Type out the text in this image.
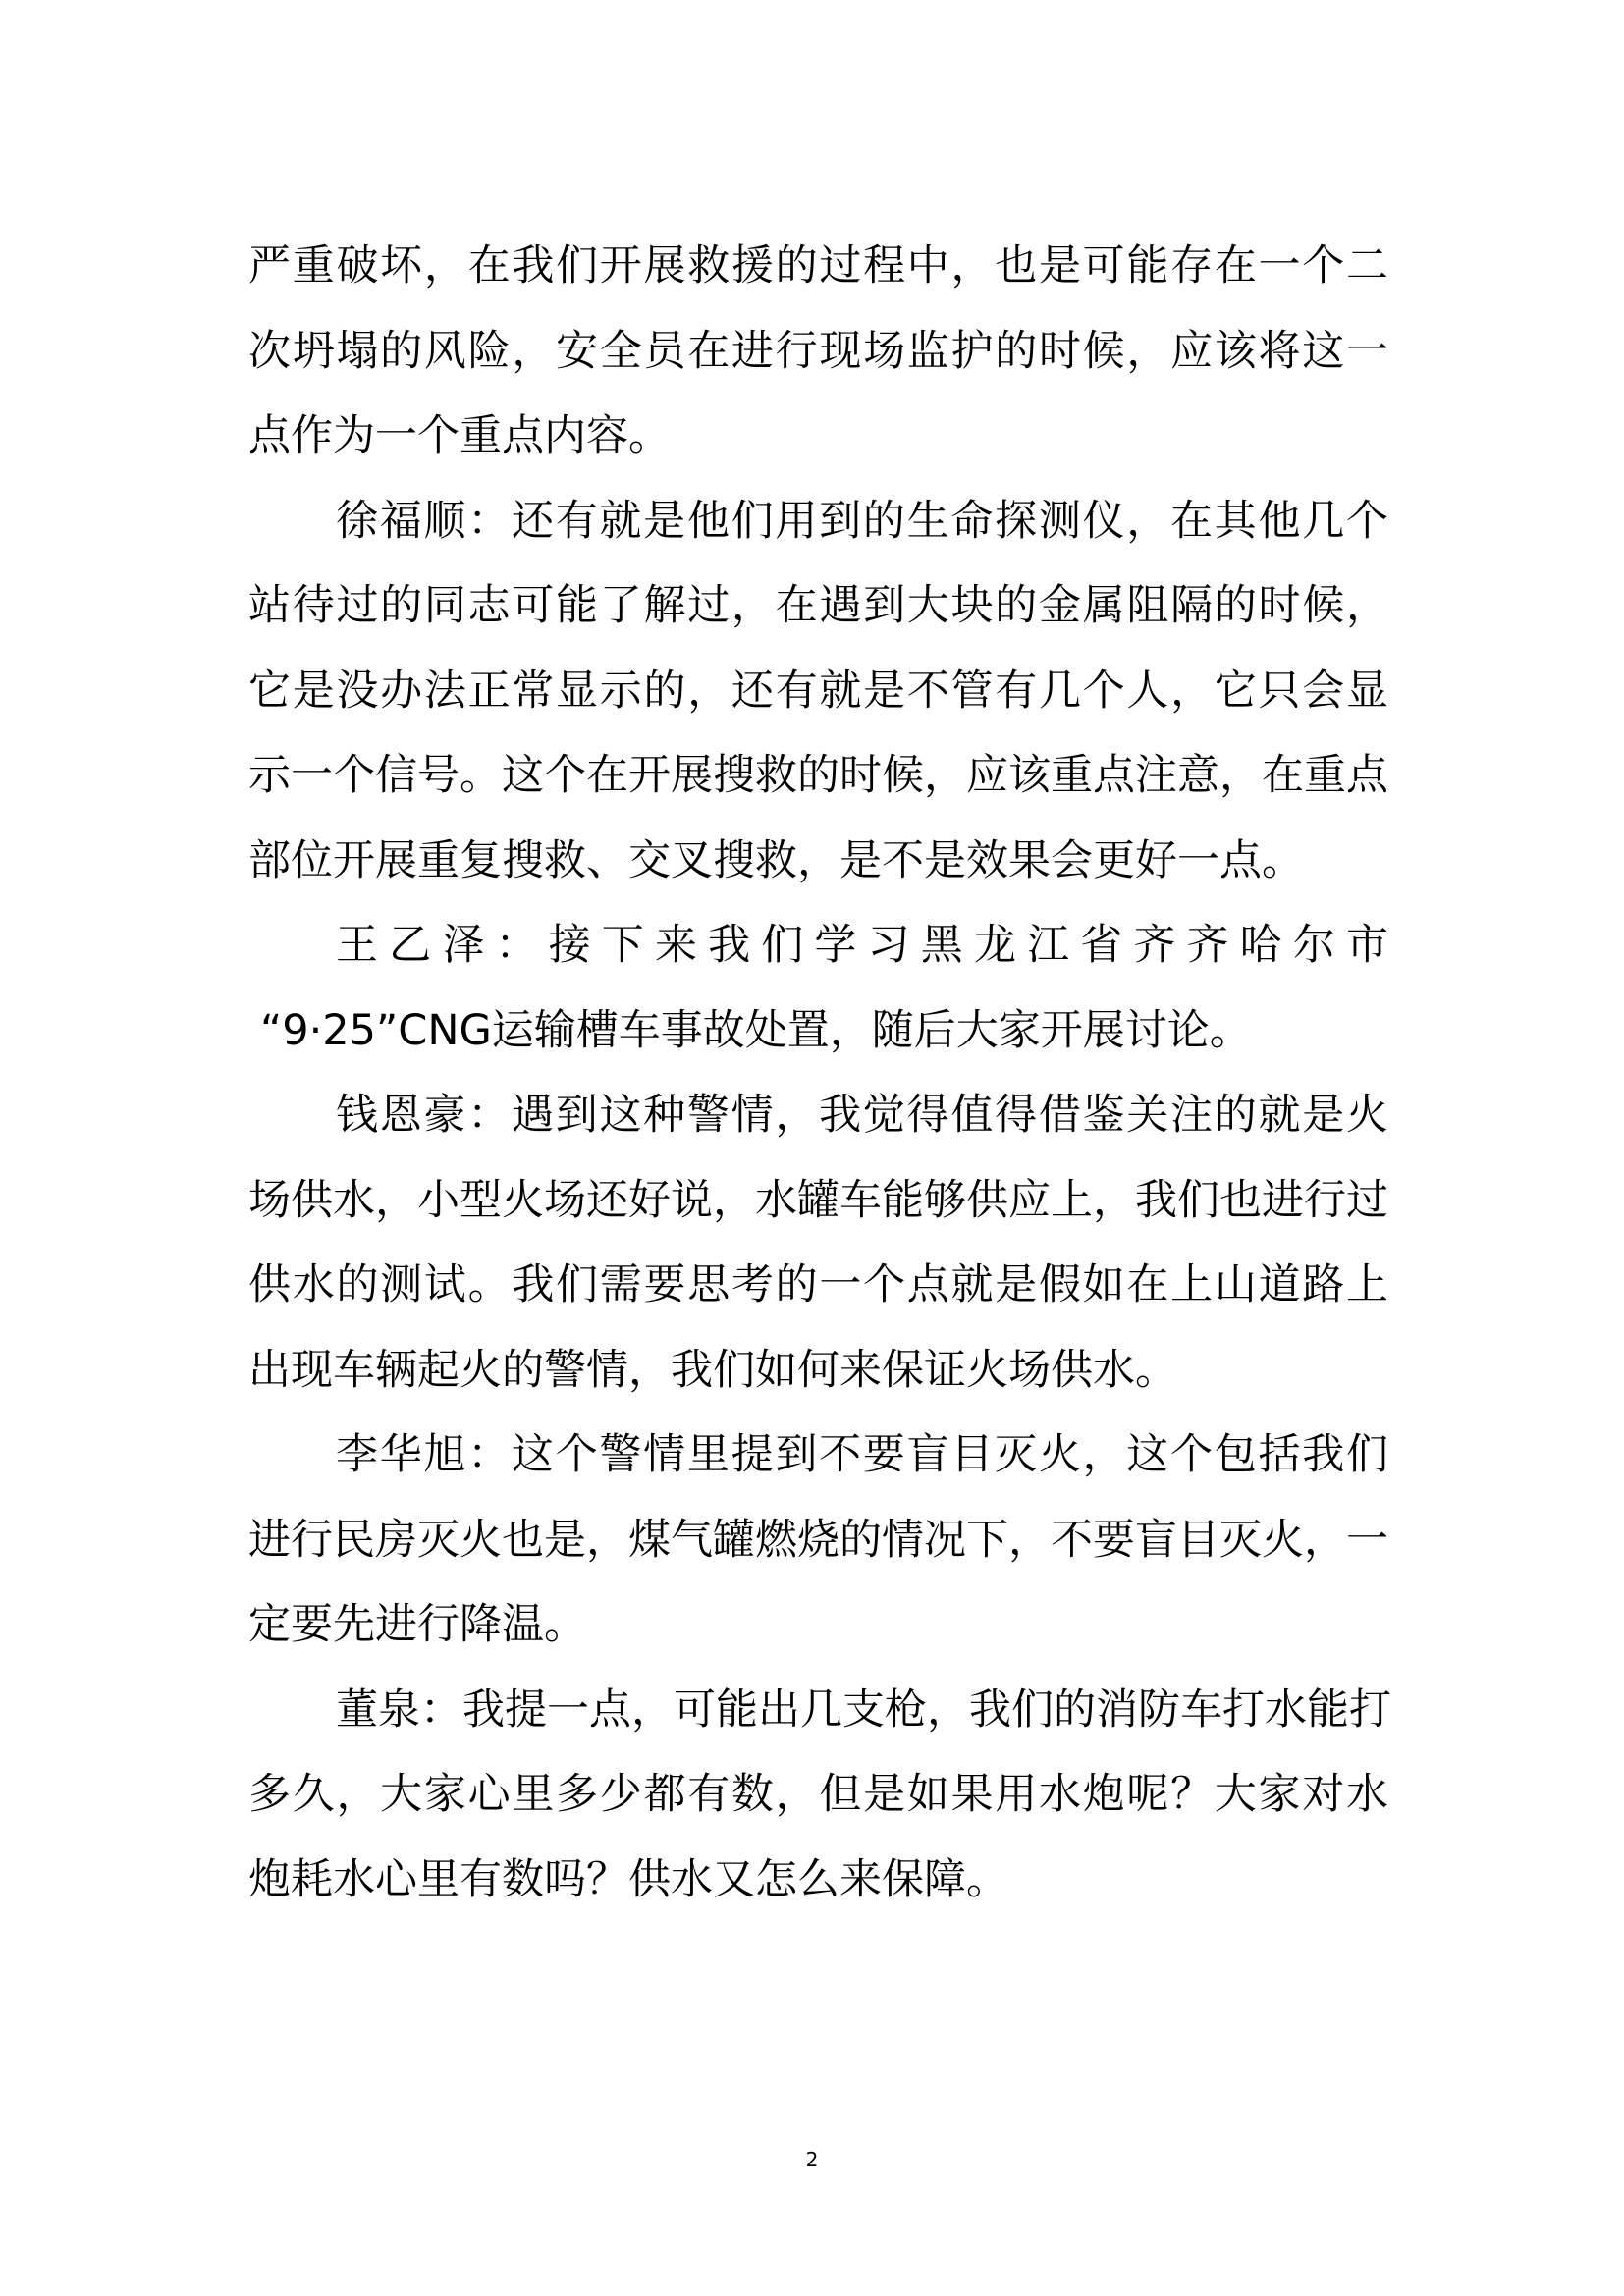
严重破坏，在我们开展救援的过程中，也是可能存在一个二
次坍塌的风险，安全员在进行现场监护的时候，应该将这一
点作为一个重点内容。
徐福顺：还有就是他们用到的生命探测仪，在其他几个
站待过的同志可能了解过，在遇到大块的金属阻隔的时候，
它是没办法正常显示的，还有就是不管有几个人，它只会显
示一个信号。这个在开展搜救的时候，应该重点注意，在重点
部位开展重复搜救、交叉搜救，是不是效果会更好一点。
王乙泽：接下来我们学习黑龙江省齐齐哈尔市
“9·25”CNG运输槽车事故处置，随后大家开展讨论。
钱恩豪：遇到这种警情，我觉得值得借鉴关注的就是火
场供水，小型火场还好说，水罐车能够供应上，我们也进行过
供水的测试。我们需要思考的一个点就是假如在上山道路上
出现车辆起火的警情，我们如何来保证火场供水。
李华旭：这个警情里提到不要盲目灭火，这个包括我们
进行民房灭火也是，煤气罐燃烧的情况下，不要盲目灭火，一
定要先进行降温。
董泉：我提一点，可能出几支枪，我们的消防车打水能打
多久，大家心里多少都有数，但是如果用水炮呢？大家对水
炮耗水心里有数吗？供水又怎么来保障。
2
